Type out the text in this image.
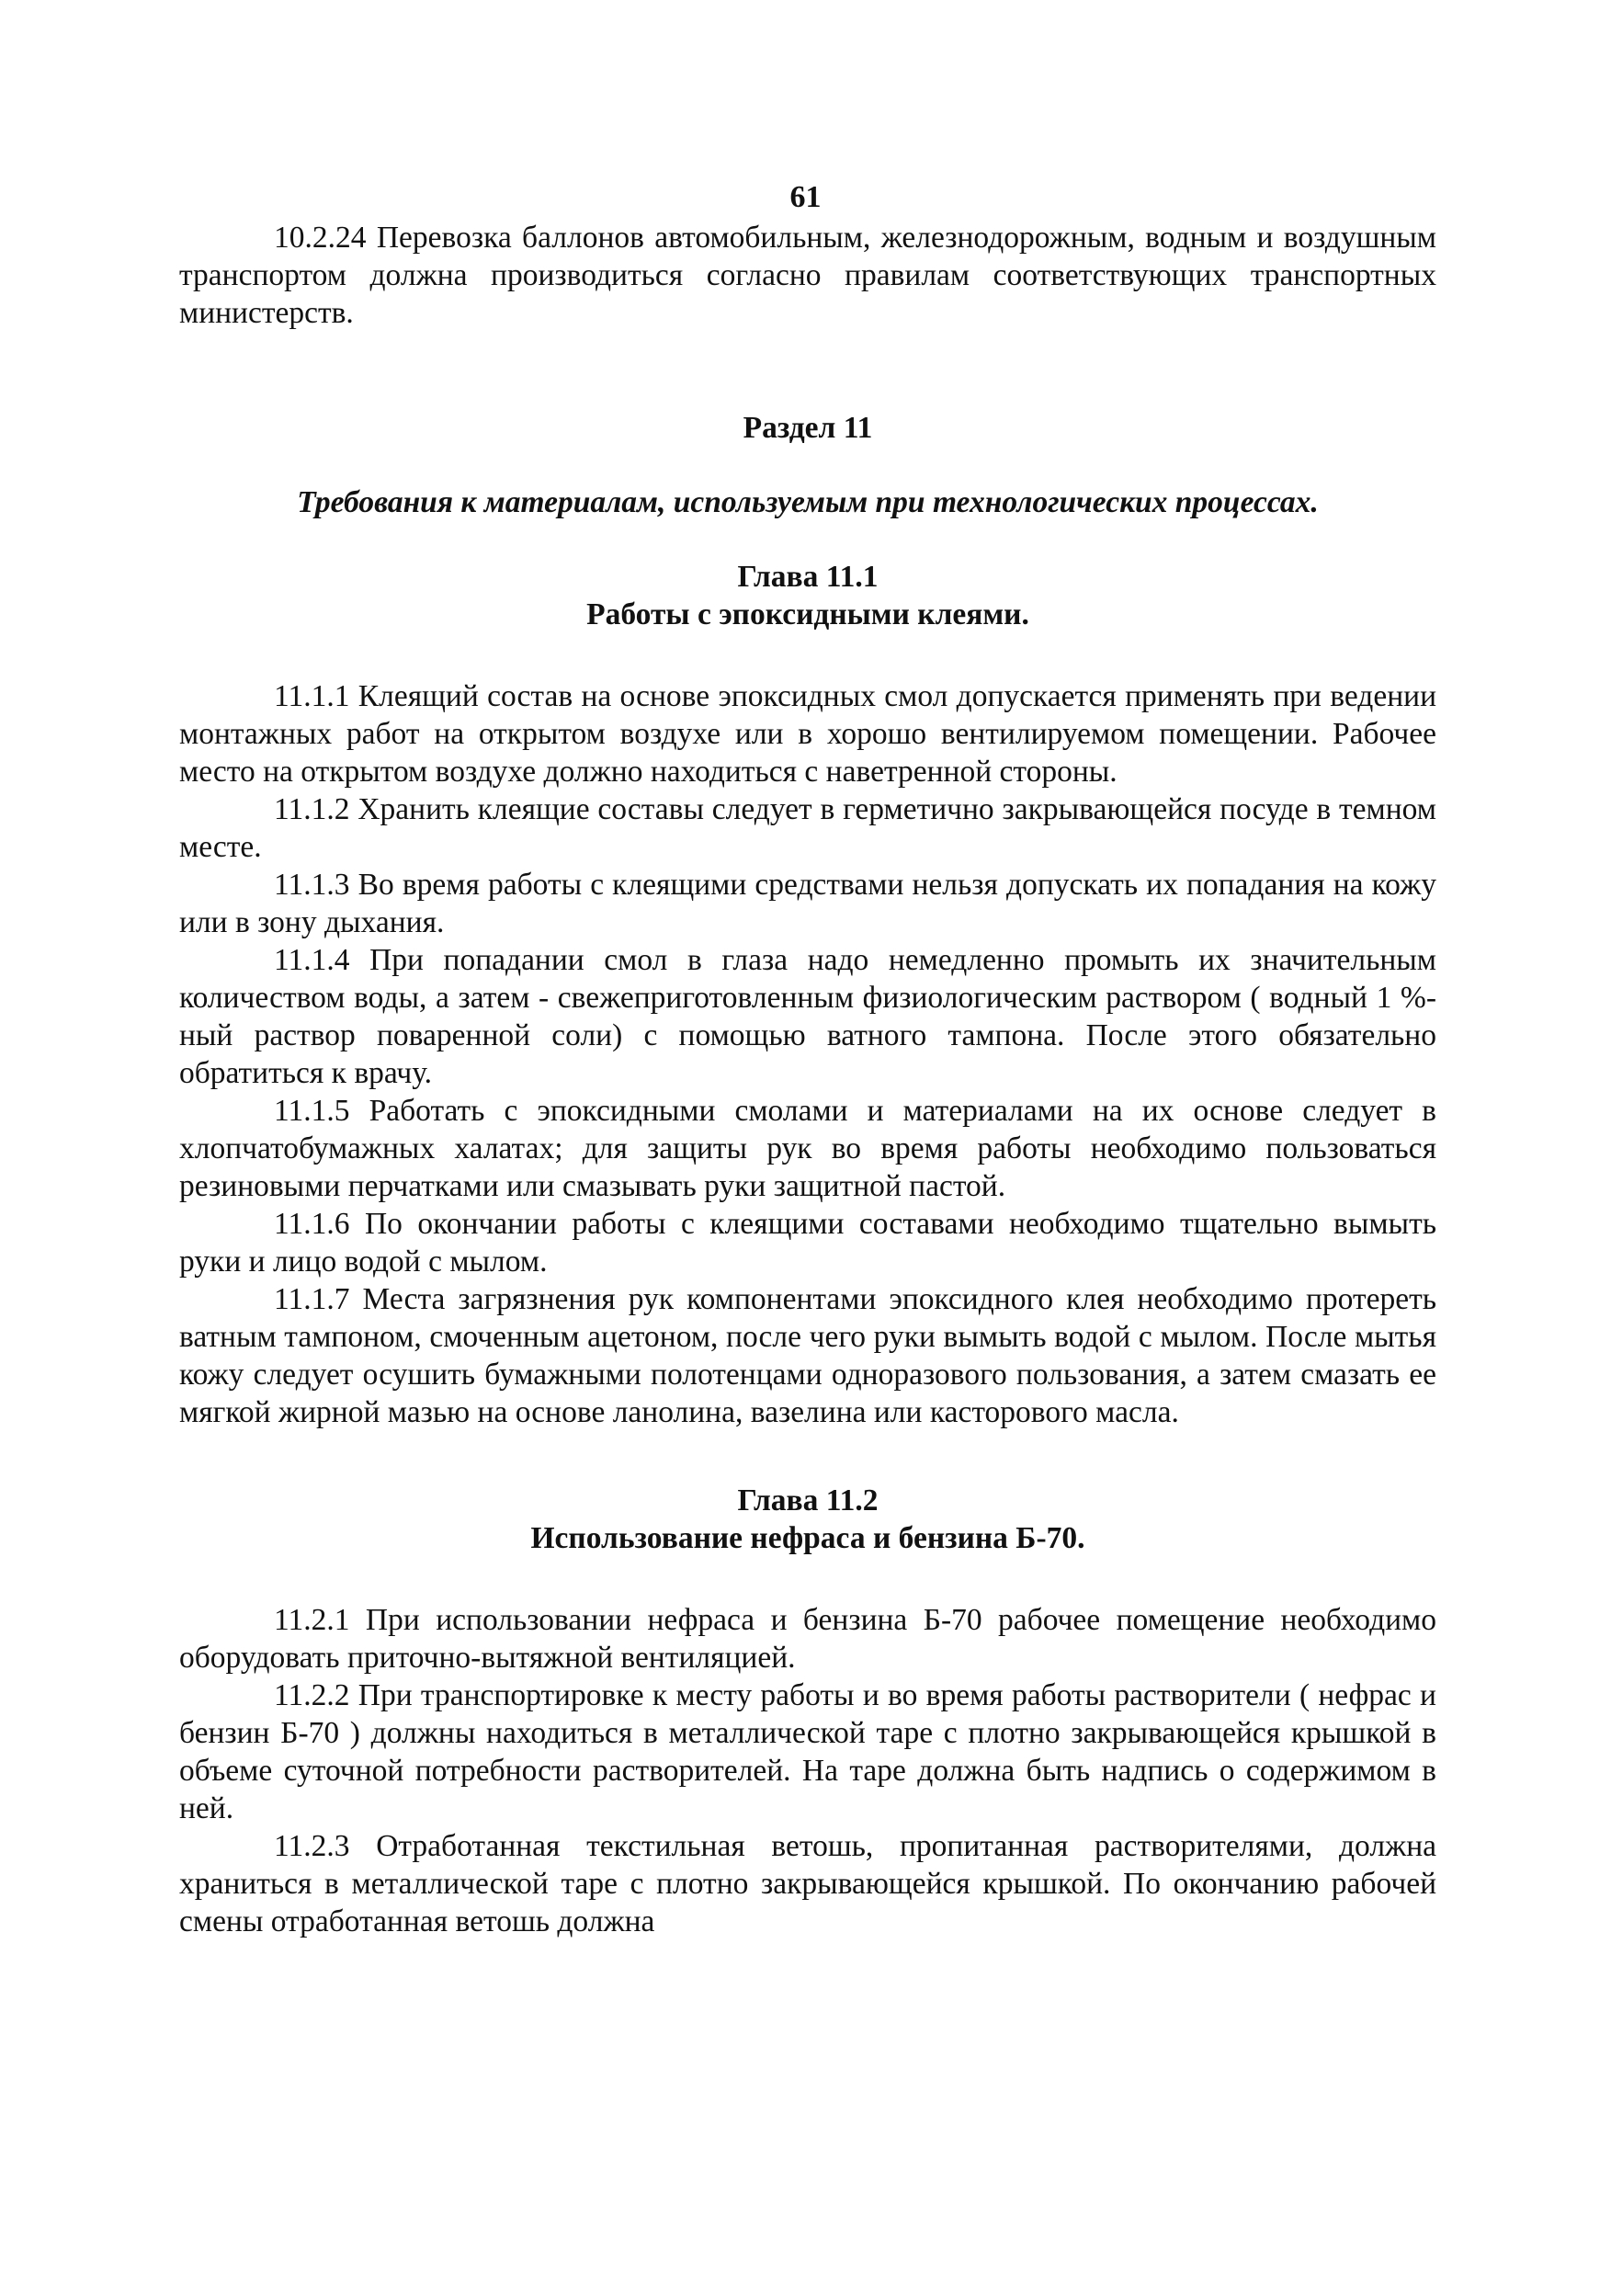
61

10.2.24 Перевозка баллонов автомобильным, железнодорожным, водным и воздушным транспортом должна производиться согласно правилам соответствующих транспортных министерств.

Раздел 11

Требования к материалам, используемым при технологических процессах.

Глава 11.1

Работы с эпоксидными клеями.

11.1.1 Клеящий состав на основе эпоксидных смол допускается применять при ведении монтажных работ на открытом воздухе или в хорошо вентилируемом помещении. Рабочее место на открытом воздухе должно находиться с наветренной стороны.

11.1.2 Хранить клеящие составы следует в герметично закрывающейся посуде в темном месте.

11.1.3 Во время работы с клеящими средствами нельзя допускать их попадания на кожу или в зону дыхания.

11.1.4 При попадании смол в глаза надо немедленно промыть их значительным количеством воды, а затем - свежеприготовленным физиологическим раствором ( водный 1 %-ный раствор поваренной соли) с помощью ватного тампона. После этого обязательно обратиться к врачу.

11.1.5 Работать с эпоксидными смолами и материалами на их основе следует в хлопчатобумажных халатах; для защиты рук во время работы необходимо пользоваться резиновыми перчатками или смазывать руки защитной пастой.

11.1.6 По окончании работы с клеящими составами необходимо тщательно вымыть руки и лицо водой с мылом.

11.1.7 Места загрязнения рук компонентами эпоксидного клея необходимо протереть ватным тампоном, смоченным ацетоном, после чего руки вымыть водой с мылом. После мытья кожу следует осушить бумажными полотенцами одноразового пользования, а затем смазать ее мягкой жирной мазью на основе ланолина, вазелина или касторового масла.

Глава 11.2

Использование нефраса и бензина Б-70.

11.2.1 При использовании нефраса и бензина Б-70 рабочее помещение необходимо оборудовать приточно-вытяжной вентиляцией.

11.2.2 При транспортировке к месту работы и во время работы растворители ( нефрас и бензин Б-70 ) должны находиться в металлической таре с плотно закрывающейся крышкой в объеме суточной потребности растворителей. На таре должна быть надпись о содержимом в ней.

11.2.3 Отработанная текстильная ветошь, пропитанная растворителями, должна храниться в металлической таре с плотно закрывающейся крышкой. По окончанию рабочей смены отработанная ветошь должна
